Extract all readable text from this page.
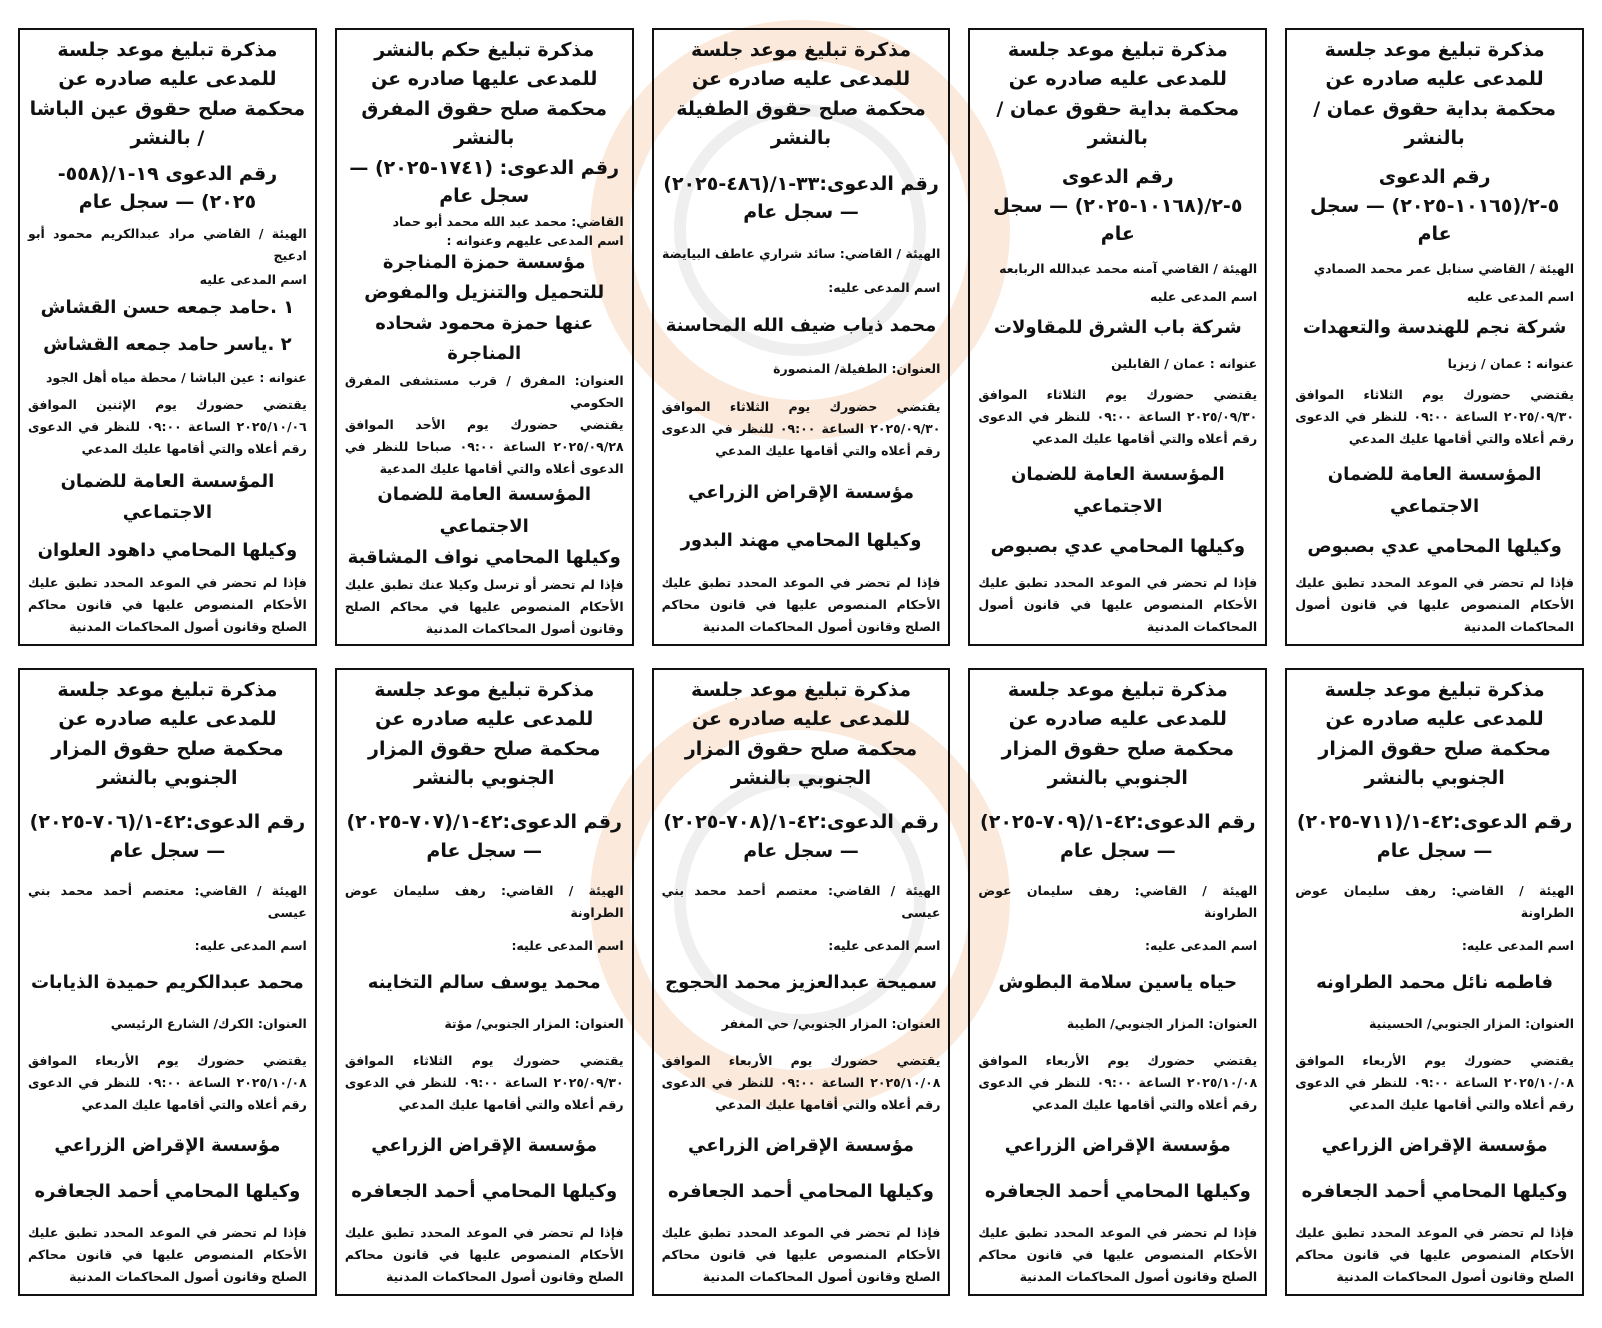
مذكرة تبليغ موعد جلسة للمدعى عليه صادره عن محكمة بداية حقوق عمان / بالنشر
رقم الدعوى ٥-٢/(١٠١٦٥-٢٠٢٥) — سجل عام
الهيئة / القاضي سنابل عمر محمد الصمادي
اسم المدعى عليه
شركة نجم للهندسة والتعهدات
عنوانه : عمان / زيزيا
يقتضي حضورك يوم الثلاثاء الموافق ٢٠٢٥/٠٩/٣٠ الساعة ٠٩:٠٠ للنظر في الدعوى رقم أعلاه والتي أقامها عليك المدعي
المؤسسة العامة للضمان الاجتماعي
وكيلها المحامي عدي بصبوص
فإذا لم تحضر في الموعد المحدد تطبق عليك الأحكام المنصوص عليها في قانون أصول المحاكمات المدنية
مذكرة تبليغ موعد جلسة للمدعى عليه صادره عن محكمة بداية حقوق عمان / بالنشر
رقم الدعوى ٥-٢/(١٠١٦٨-٢٠٢٥) — سجل عام
الهيئة / القاضي آمنه محمد عبدالله الربابعه
اسم المدعى عليه
شركة باب الشرق للمقاولات
عنوانه : عمان / القابلين
يقتضي حضورك يوم الثلاثاء الموافق ٢٠٢٥/٠٩/٣٠ الساعة ٠٩:٠٠ للنظر في الدعوى رقم أعلاه والتي أقامها عليك المدعي
المؤسسة العامة للضمان الاجتماعي
وكيلها المحامي عدي بصبوص
فإذا لم تحضر في الموعد المحدد تطبق عليك الأحكام المنصوص عليها في قانون أصول المحاكمات المدنية
مذكرة تبليغ موعد جلسة للمدعى عليه صادره عن محكمة صلح حقوق الطفيلة بالنشر
رقم الدعوى:٣٣-١/(٤٨٦-٢٠٢٥) — سجل عام
الهيئة / القاضي: سائد شراري عاطف البيايضة
اسم المدعى عليه:
محمد ذياب ضيف الله المحاسنة
العنوان: الطفيلة/ المنصورة
يقتضي حضورك يوم الثلاثاء الموافق ٢٠٢٥/٠٩/٣٠ الساعة ٠٩:٠٠ للنظر في الدعوى رقم أعلاه والتي أقامها عليك المدعي
مؤسسة الإقراض الزراعي
وكيلها المحامي مهند البدور
فإذا لم تحضر في الموعد المحدد تطبق عليك الأحكام المنصوص عليها في قانون محاكم الصلح وقانون أصول المحاكمات المدنية
مذكرة تبليغ حكم بالنشر للمدعى عليها صادره عن محكمة صلح حقوق المفرق بالنشر
رقم الدعوى: (١٧٤١-٢٠٢٥) — سجل عام
القاضي: محمد عبد الله محمد أبو حماد
اسم المدعى عليهم وعنوانه :
مؤسسة حمزة المناجرة للتحميل والتنزيل والمفوض عنها حمزة محمود شحاده المناجرة
العنوان: المفرق / قرب مستشفى المفرق الحكومي
يقتضي حضورك يوم الأحد الموافق ٢٠٢٥/٠٩/٢٨ الساعة ٠٩:٠٠ صباحا للنظر في الدعوى أعلاه والتي أقامها عليك المدعية
المؤسسة العامة للضمان الاجتماعي
وكيلها المحامي نواف المشاقبة
فإذا لم تحضر أو ترسل وكيلا عنك تطبق عليك الأحكام المنصوص عليها في محاكم الصلح وقانون أصول المحاكمات المدنية
مذكرة تبليغ موعد جلسة للمدعى عليه صادره عن محكمة صلح حقوق عين الباشا / بالنشر
رقم الدعوى ١٩-١/(٥٥٨- ٢٠٢٥) — سجل عام
الهيئة / القاضي مراد عبدالكريم محمود أبو ادعيج
اسم المدعى عليه
١ .حامد جمعه حسن القشاش
٢ .ياسر حامد جمعه القشاش
عنوانه : عين الباشا / محطة مياه أهل الجود
يقتضي حضورك يوم الإثنين الموافق ٢٠٢٥/١٠/٠٦ الساعة ٠٩:٠٠ للنظر في الدعوى رقم أعلاه والتي أقامها عليك المدعي
المؤسسة العامة للضمان الاجتماعي
وكيلها المحامي داهود العلوان
فإذا لم تحضر في الموعد المحدد تطبق عليك الأحكام المنصوص عليها في قانون محاكم الصلح وقانون أصول المحاكمات المدنية
مذكرة تبليغ موعد جلسة للمدعى عليه صادره عن محكمة صلح حقوق المزار الجنوبي بالنشر
رقم الدعوى:٤٢-١/(٧١١-٢٠٢٥) — سجل عام
الهيئة / القاضي: رهف سليمان عوض الطراونة
اسم المدعى عليه:
فاطمه نائل محمد الطراونه
العنوان: المزار الجنوبي/ الحسينية
يقتضي حضورك يوم الأربعاء الموافق ٢٠٢٥/١٠/٠٨ الساعة ٠٩:٠٠ للنظر في الدعوى رقم أعلاه والتي أقامها عليك المدعي
مؤسسة الإقراض الزراعي
وكيلها المحامي أحمد الجعافره
فإذا لم تحضر في الموعد المحدد تطبق عليك الأحكام المنصوص عليها في قانون محاكم الصلح وقانون أصول المحاكمات المدنية
مذكرة تبليغ موعد جلسة للمدعى عليه صادره عن محكمة صلح حقوق المزار الجنوبي بالنشر
رقم الدعوى:٤٢-١/(٧٠٩-٢٠٢٥) — سجل عام
الهيئة / القاضي: رهف سليمان عوض الطراونة
اسم المدعى عليه:
حياه ياسين سلامة البطوش
العنوان: المزار الجنوبي/ الطيبة
يقتضي حضورك يوم الأربعاء الموافق ٢٠٢٥/١٠/٠٨ الساعة ٠٩:٠٠ للنظر في الدعوى رقم أعلاه والتي أقامها عليك المدعي
مؤسسة الإقراض الزراعي
وكيلها المحامي أحمد الجعافره
فإذا لم تحضر في الموعد المحدد تطبق عليك الأحكام المنصوص عليها في قانون محاكم الصلح وقانون أصول المحاكمات المدنية
مذكرة تبليغ موعد جلسة للمدعى عليه صادره عن محكمة صلح حقوق المزار الجنوبي بالنشر
رقم الدعوى:٤٢-١/(٧٠٨-٢٠٢٥) — سجل عام
الهيئة / القاضي: معتصم أحمد محمد بني عيسى
اسم المدعى عليه:
سميحة عبدالعزيز محمد الحجوج
العنوان: المزار الجنوبي/ حي المغفر
يقتضي حضورك يوم الأربعاء الموافق ٢٠٢٥/١٠/٠٨ الساعة ٠٩:٠٠ للنظر في الدعوى رقم أعلاه والتي أقامها عليك المدعي
مؤسسة الإقراض الزراعي
وكيلها المحامي أحمد الجعافره
فإذا لم تحضر في الموعد المحدد تطبق عليك الأحكام المنصوص عليها في قانون محاكم الصلح وقانون أصول المحاكمات المدنية
مذكرة تبليغ موعد جلسة للمدعى عليه صادره عن محكمة صلح حقوق المزار الجنوبي بالنشر
رقم الدعوى:٤٢-١/(٧٠٧-٢٠٢٥) — سجل عام
الهيئة / القاضي: رهف سليمان عوض الطراونة
اسم المدعى عليه:
محمد يوسف سالم التخاينه
العنوان: المزار الجنوبي/ مؤتة
يقتضي حضورك يوم الثلاثاء الموافق ٢٠٢٥/٠٩/٣٠ الساعة ٠٩:٠٠ للنظر في الدعوى رقم أعلاه والتي أقامها عليك المدعي
مؤسسة الإقراض الزراعي
وكيلها المحامي أحمد الجعافره
فإذا لم تحضر في الموعد المحدد تطبق عليك الأحكام المنصوص عليها في قانون محاكم الصلح وقانون أصول المحاكمات المدنية
مذكرة تبليغ موعد جلسة للمدعى عليه صادره عن محكمة صلح حقوق المزار الجنوبي بالنشر
رقم الدعوى:٤٢-١/(٧٠٦-٢٠٢٥) — سجل عام
الهيئة / القاضي: معتصم أحمد محمد بني عيسى
اسم المدعى عليه:
محمد عبدالكريم حميدة الذيابات
العنوان: الكرك/ الشارع الرئيسي
يقتضي حضورك يوم الأربعاء الموافق ٢٠٢٥/١٠/٠٨ الساعة ٠٩:٠٠ للنظر في الدعوى رقم أعلاه والتي أقامها عليك المدعي
مؤسسة الإقراض الزراعي
وكيلها المحامي أحمد الجعافره
فإذا لم تحضر في الموعد المحدد تطبق عليك الأحكام المنصوص عليها في قانون محاكم الصلح وقانون أصول المحاكمات المدنية
